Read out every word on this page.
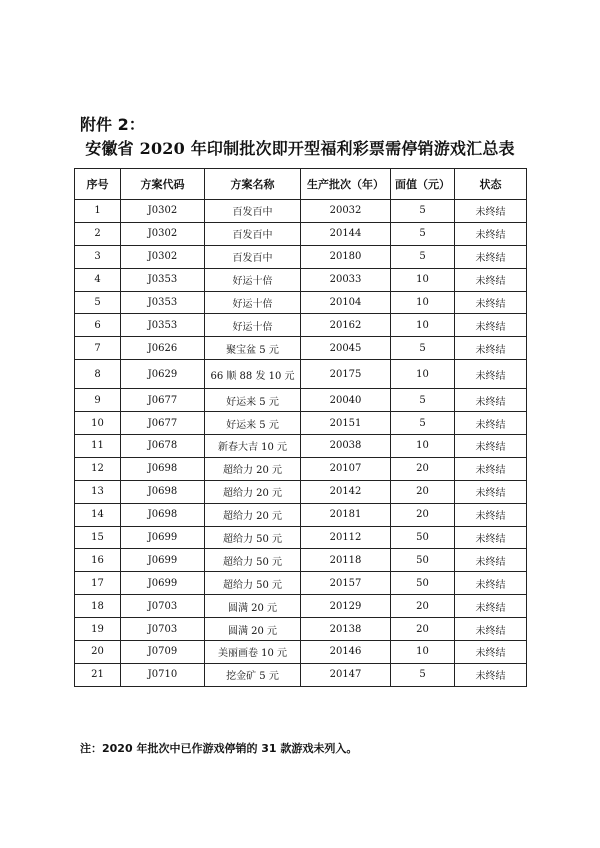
附件 2：
安徽省 2020 年印制批次即开型福利彩票需停销游戏汇总表
序号	方案代码	方案名称	生产批次（年）	面值（元）	状态
1	J0302	百发百中	20032	5	未终结
2	J0302	百发百中	20144	5	未终结
3	J0302	百发百中	20180	5	未终结
4	J0353	好运十倍	20033	10	未终结
5	J0353	好运十倍	20104	10	未终结
6	J0353	好运十倍	20162	10	未终结
7	J0626	聚宝盆 5 元	20045	5	未终结
8	J0629	66 顺 88 发 10 元	20175	10	未终结
9	J0677	好运来 5 元	20040	5	未终结
10	J0677	好运来 5 元	20151	5	未终结
11	J0678	新春大吉 10 元	20038	10	未终结
12	J0698	超给力 20 元	20107	20	未终结
13	J0698	超给力 20 元	20142	20	未终结
14	J0698	超给力 20 元	20181	20	未终结
15	J0699	超给力 50 元	20112	50	未终结
16	J0699	超给力 50 元	20118	50	未终结
17	J0699	超给力 50 元	20157	50	未终结
18	J0703	圆满 20 元	20129	20	未终结
19	J0703	圆满 20 元	20138	20	未终结
20	J0709	美丽画卷 10 元	20146	10	未终结
21	J0710	挖金矿 5 元	20147	5	未终结
注：2020 年批次中已作游戏停销的 31 款游戏未列入。
